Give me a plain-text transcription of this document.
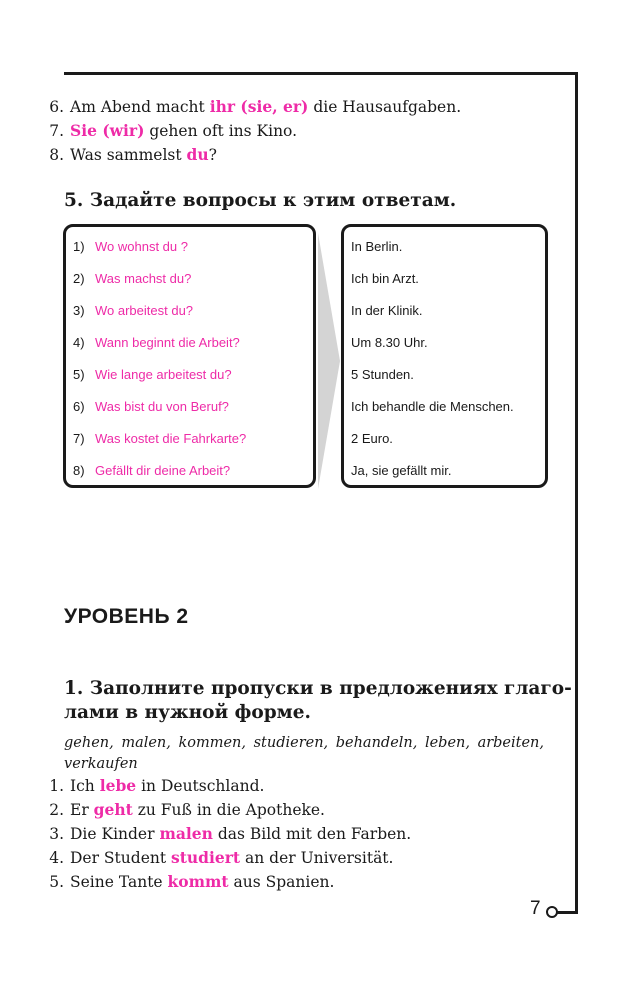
7
6. Am Abend macht ihr (sie, er) die Hausaufgaben.
7. Sie (wir) gehen oft ins Kino.
8. Was sammelst du?
5. Задайте вопросы к этим ответам.
1) Wo wohnst du ?
2) Was machst du?
3) Wo arbeitest du?
4) Wann beginnt die Arbeit?
5) Wie lange arbeitest du?
6) Was bist du von Beruf?
7) Was kostet die Fahrkarte?
8) Gefällt dir deine Arbeit?
In Berlin.
Ich bin Arzt.
In der Klinik.
Um 8.30 Uhr.
5 Stunden.
Ich behandle die Menschen.
2 Euro.
Ja, sie gefällt mir.
УРОВЕНЬ 2
1. Заполните пропуски в предложениях глаго-
лами в нужной форме.
gehen, malen, kommen, studieren, behandeln, leben, arbeiten, verkaufen
1. Ich lebe in Deutschland.
2. Er geht zu Fuß in die Apotheke.
3. Die Kinder malen das Bild mit den Farben.
4. Der Student studiert an der Universität.
5. Seine Tante kommt aus Spanien.
